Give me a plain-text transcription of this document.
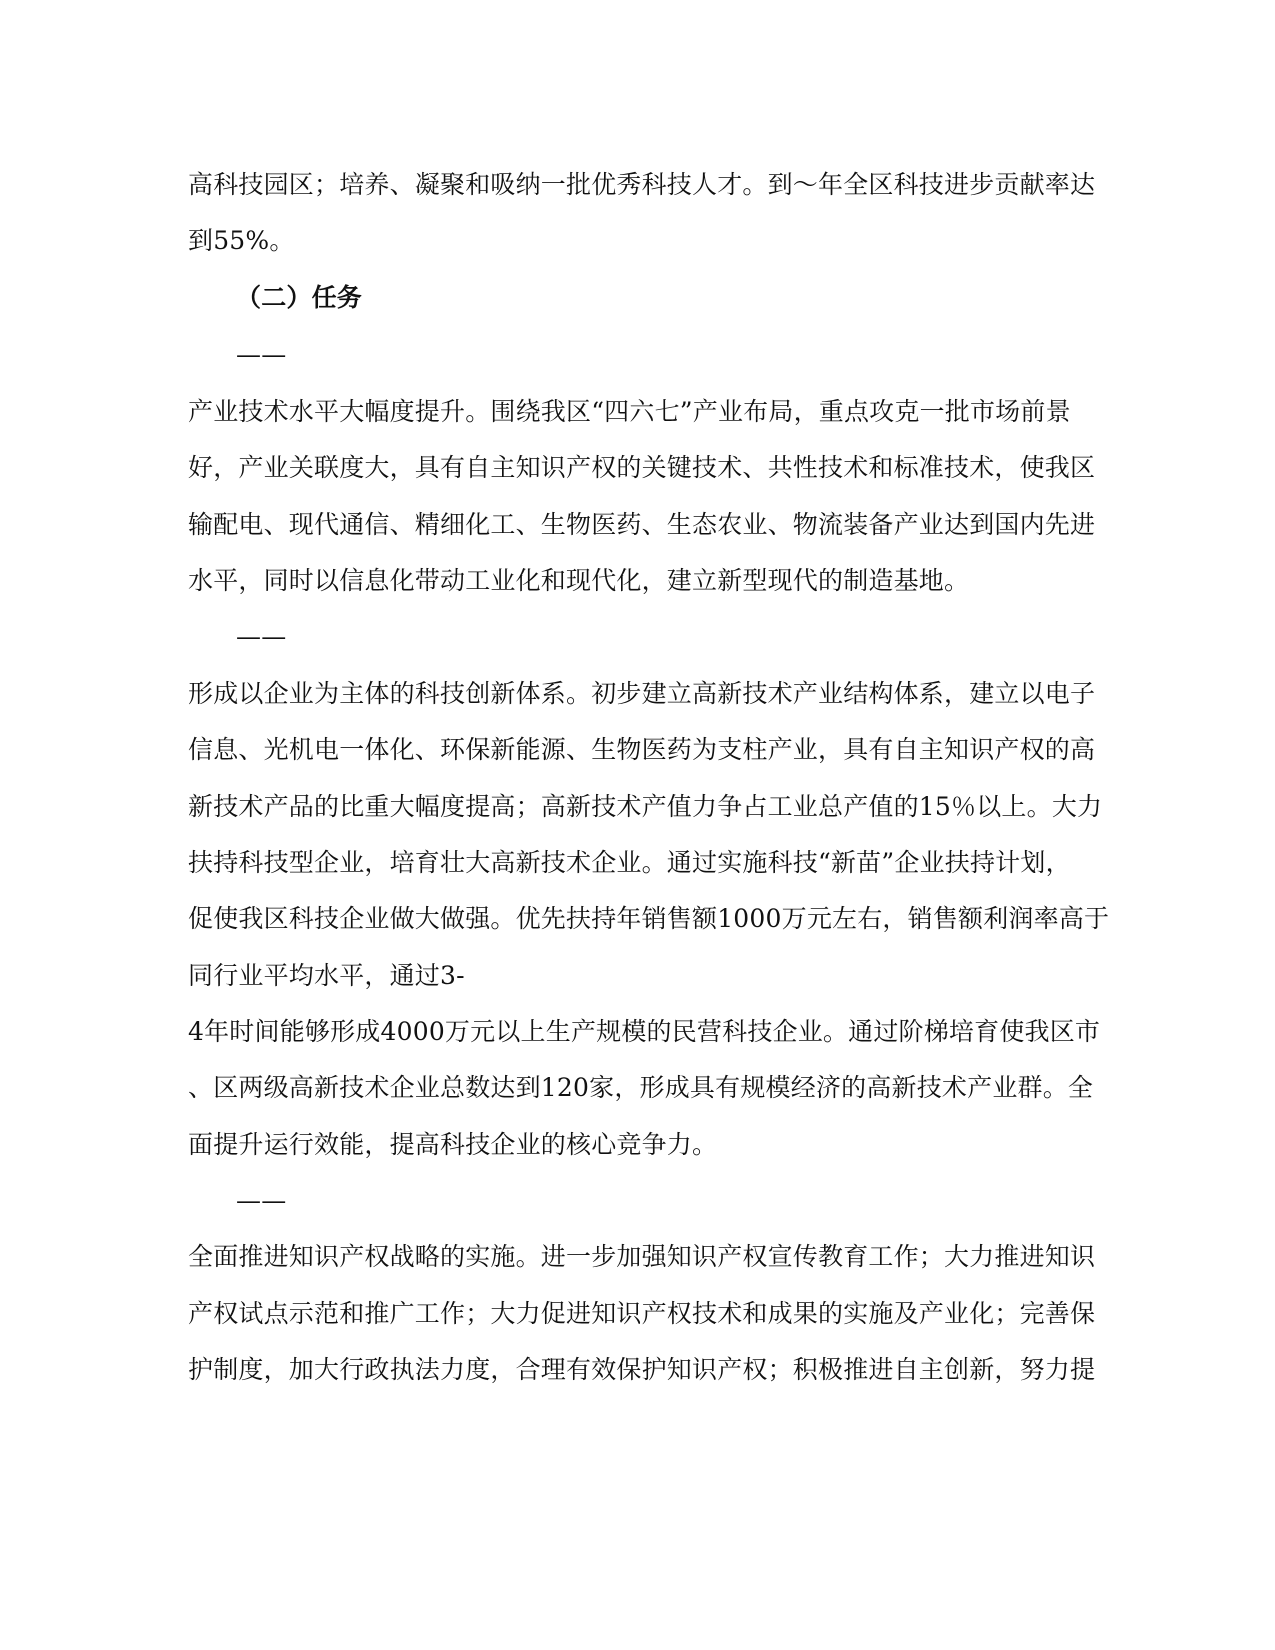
高科技园区；培养、凝聚和吸纳一批优秀科技人才。到～年全区科技进步贡献率达
到55%。
（二）任务
——
产业技术水平大幅度提升。围绕我区“四六七”产业布局，重点攻克一批市场前景
好，产业关联度大，具有自主知识产权的关键技术、共性技术和标准技术，使我区
输配电、现代通信、精细化工、生物医药、生态农业、物流装备产业达到国内先进
水平，同时以信息化带动工业化和现代化，建立新型现代的制造基地。
——
形成以企业为主体的科技创新体系。初步建立高新技术产业结构体系，建立以电子
信息、光机电一体化、环保新能源、生物医药为支柱产业，具有自主知识产权的高
新技术产品的比重大幅度提高；高新技术产值力争占工业总产值的15％以上。大力
扶持科技型企业，培育壮大高新技术企业。通过实施科技“新苗”企业扶持计划，
促使我区科技企业做大做强。优先扶持年销售额1000万元左右，销售额利润率高于
同行业平均水平，通过3-
4年时间能够形成4000万元以上生产规模的民营科技企业。通过阶梯培育使我区市
、区两级高新技术企业总数达到120家，形成具有规模经济的高新技术产业群。全
面提升运行效能，提高科技企业的核心竞争力。
——
全面推进知识产权战略的实施。进一步加强知识产权宣传教育工作；大力推进知识
产权试点示范和推广工作；大力促进知识产权技术和成果的实施及产业化；完善保
护制度，加大行政执法力度，合理有效保护知识产权；积极推进自主创新，努力提
